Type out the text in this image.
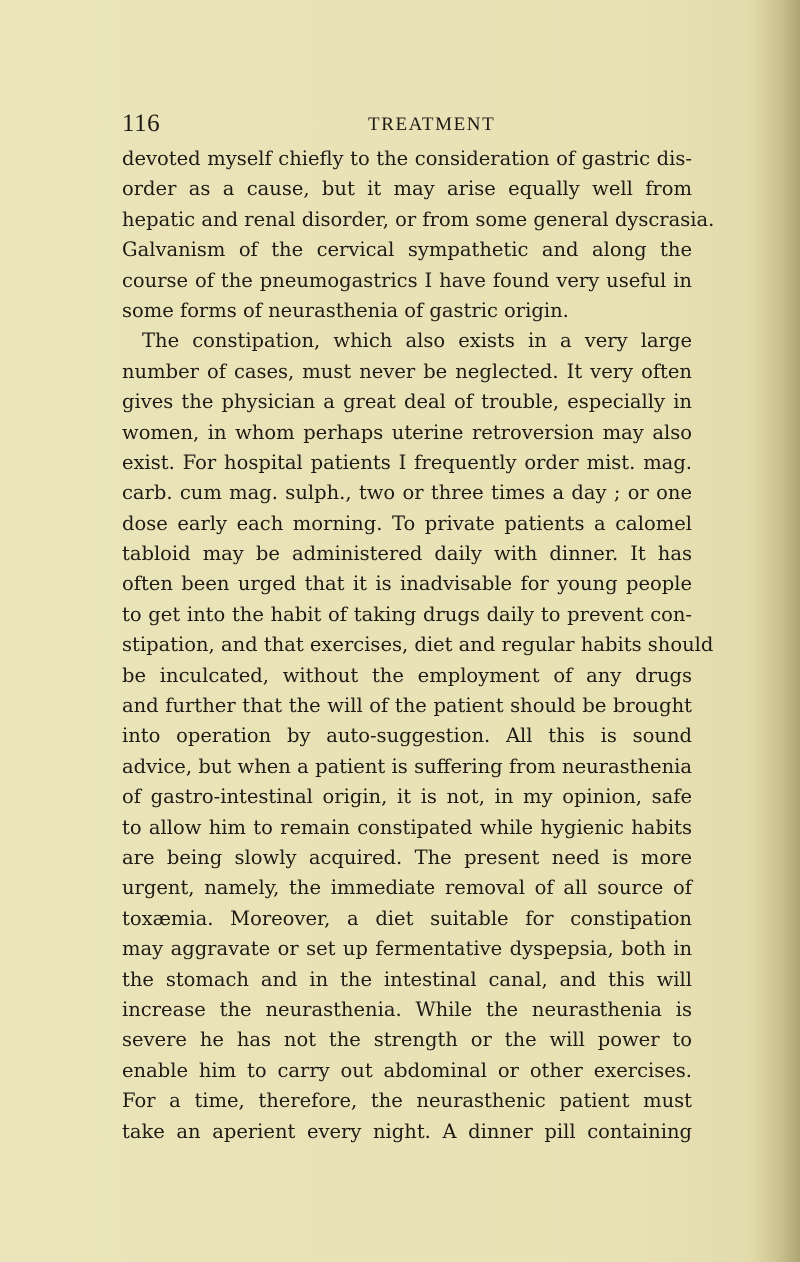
116	TREATMENT
devoted myself chiefly to the consideration of gastric dis-
order as a cause, but it may arise equally well from
hepatic and renal disorder, or from some general dyscrasia.
Galvanism of the cervical sympathetic and along the
course of the pneumogastrics I have found very useful in
some forms of neurasthenia of gastric origin.
The constipation, which also exists in a very large
number of cases, must never be neglected. It very often
gives the physician a great deal of trouble, especially in
women, in whom perhaps uterine retroversion may also
exist. For hospital patients I frequently order mist. mag.
carb. cum mag. sulph., two or three times a day ; or one
dose early each morning. To private patients a calomel
tabloid may be administered daily with dinner. It has
often been urged that it is inadvisable for young people
to get into the habit of taking drugs daily to prevent con-
stipation, and that exercises, diet and regular habits should
be inculcated, without the employment of any drugs
and further that the will of the patient should be brought
into operation by auto-suggestion. All this is sound
advice, but when a patient is suffering from neurasthenia
of gastro-intestinal origin, it is not, in my opinion, safe
to allow him to remain constipated while hygienic habits
are being slowly acquired. The present need is more
urgent, namely, the immediate removal of all source of
toxæmia. Moreover, a diet suitable for constipation
may aggravate or set up fermentative dyspepsia, both in
the stomach and in the intestinal canal, and this will
increase the neurasthenia. While the neurasthenia is
severe he has not the strength or the will power to
enable him to carry out abdominal or other exercises.
For a time, therefore, the neurasthenic patient must
take an aperient every night. A dinner pill containing
